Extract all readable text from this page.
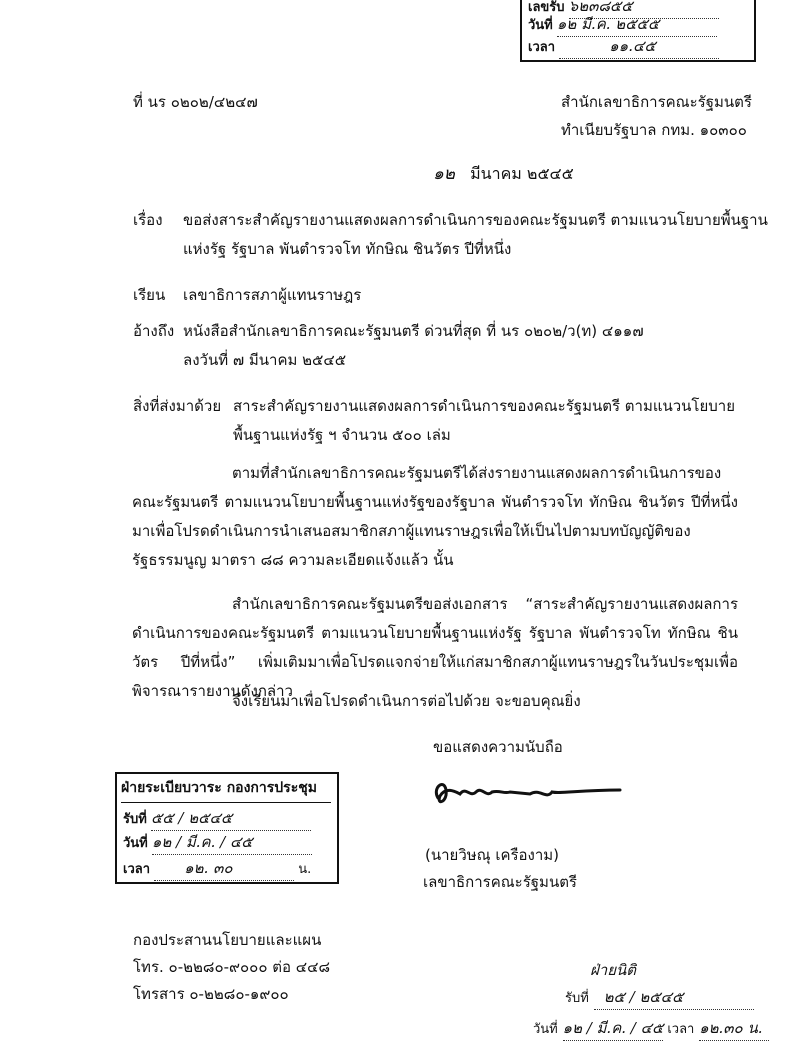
เลขรับ ๖๒๓๘๕๕
วันที่ ๑๒ มี.ค. ๒๕๕๕
เวลา	๑๑.๔๕
ที่ นร ๐๒๐๒/๔๒๔๗	สำนักเลขาธิการคณะรัฐมนตรี
ทำเนียบรัฐบาล กทม. ๑๐๓๐๐
๑๒ มีนาคม ๒๕๔๕
เรื่อง ขอส่งสาระสำคัญรายงานแสดงผลการดำเนินการของคณะรัฐมนตรี ตามแนวนโยบายพื้นฐาน
แห่งรัฐ รัฐบาล พันตำรวจโท ทักษิณ ชินวัตร ปีที่หนึ่ง
เรียน เลขาธิการสภาผู้แทนราษฎร
อ้างถึง หนังสือสำนักเลขาธิการคณะรัฐมนตรี ด่วนที่สุด ที่ นร ๐๒๐๒/ว(ท) ๔๑๑๗
ลงวันที่ ๗ มีนาคม ๒๕๔๕
สิ่งที่ส่งมาด้วย สาระสำคัญรายงานแสดงผลการดำเนินการของคณะรัฐมนตรี ตามแนวนโยบาย
พื้นฐานแห่งรัฐ ฯ จำนวน ๕๐๐ เล่ม
ตามที่สำนักเลขาธิการคณะรัฐมนตรีได้ส่งรายงานแสดงผลการดำเนินการของคณะรัฐมนตรี ตามแนวนโยบายพื้นฐานแห่งรัฐของรัฐบาล พันตำรวจโท ทักษิณ ชินวัตร ปีที่หนึ่ง มาเพื่อโปรดดำเนินการนำเสนอสมาชิกสภาผู้แทนราษฎรเพื่อให้เป็นไปตามบทบัญญัติของรัฐธรรมนูญ มาตรา ๘๘ ความละเอียดแจ้งแล้ว นั้น
สำนักเลขาธิการคณะรัฐมนตรีขอส่งเอกสาร “สาระสำคัญรายงานแสดงผลการดำเนินการของคณะรัฐมนตรี ตามแนวนโยบายพื้นฐานแห่งรัฐ รัฐบาล พันตำรวจโท ทักษิณ ชินวัตร ปีที่หนึ่ง” เพิ่มเติมมาเพื่อโปรดแจกจ่ายให้แก่สมาชิกสภาผู้แทนราษฎรในวันประชุมเพื่อพิจารณารายงานดังกล่าว
จึงเรียนมาเพื่อโปรดดำเนินการต่อไปด้วย จะขอบคุณยิ่ง
ขอแสดงความนับถือ
(นายวิษณุ เครืองาม)
เลขาธิการคณะรัฐมนตรี
ฝ่ายระเบียบวาระ กองการประชุม
รับที่ ๕๕ / ๒๕๔๕
วันที่ ๑๒ / มี.ค. / ๔๕
เวลา ๑๒. ๓๐	น.
กองประสานนโยบายและแผน
โทร. ๐-๒๒๘๐-๙๐๐๐ ต่อ ๔๔๘
โทรสาร ๐-๒๒๘๐-๑๙๐๐
ฝ่ายนิติ
รับที่ ๒๕ / ๒๕๔๕
วันที่ ๑๒ / มี.ค. / ๔๕ เวลา ๑๒.๓๐ น.
